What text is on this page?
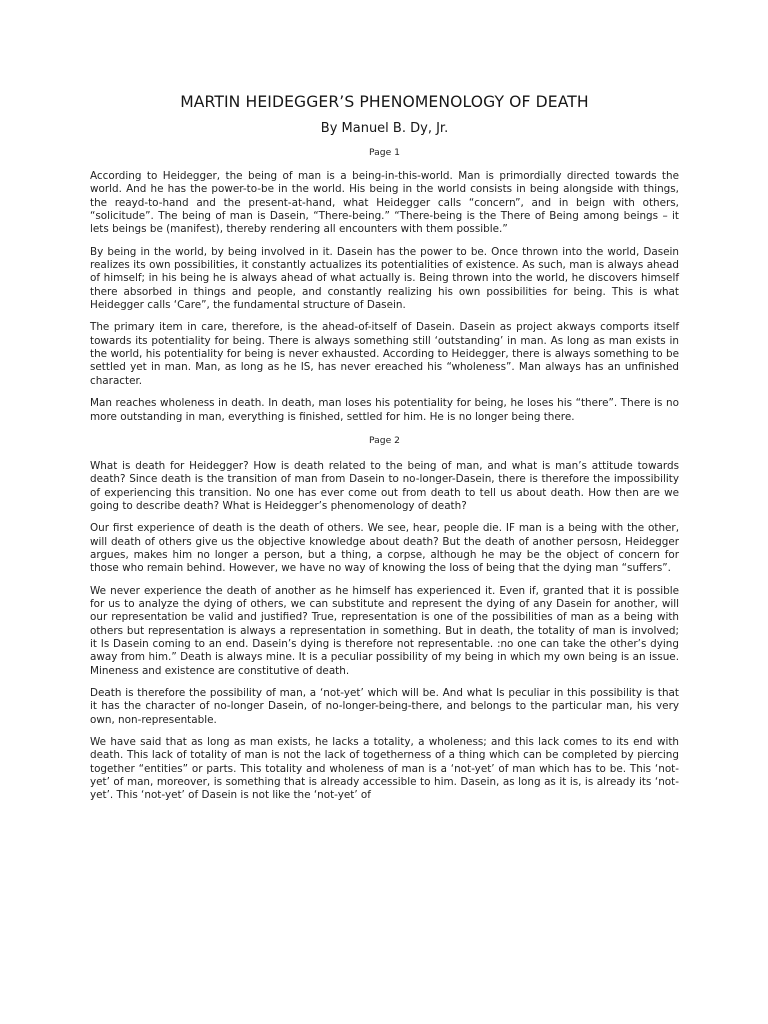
MARTIN HEIDEGGER’S PHENOMENOLOGY OF DEATH
By Manuel B. Dy, Jr.
Page 1

According to Heidegger, the being of man is a being-in-this-world. Man is primordially directed towards the world. And he has the power-to-be in the world. His being in the world consists in being alongside with things, the reayd-to-hand and the present-at-hand, what Heidegger calls “concern”, and in beign with others, “solicitude”. The being of man is Dasein, “There-being.” “There-being is the There of Being among beings – it lets beings be (manifest), thereby rendering all encounters with them possible.”

By being in the world, by being involved in it. Dasein has the power to be. Once thrown into the world, Dasein realizes its own possibilities, it constantly actualizes its potentialities of existence. As such, man is always ahead of himself; in his being he is always ahead of what actually is. Being thrown into the world, he discovers himself there absorbed in things and people, and constantly realizing his own possibilities for being. This is what Heidegger calls ‘Care”, the fundamental structure of Dasein.

The primary item in care, therefore, is the ahead-of-itself of Dasein. Dasein as project akways comports itself towards its potentiality for being. There is always something still ‘outstanding’ in man. As long as man exists in the world, his potentiality for being is never exhausted. According to Heidegger, there is always something to be settled yet in man. Man, as long as he IS, has never ereached his “wholeness”. Man always has an unfinished character.

Man reaches wholeness in death. In death, man loses his potentiality for being, he loses his “there”. There is no more outstanding in man, everything is finished, settled for him. He is no longer being there.

Page 2

What is death for Heidegger? How is death related to the being of man, and what is man’s attitude towards death? Since death is the transition of man from Dasein to no-longer-Dasein, there is therefore the impossibility of experiencing this transition. No one has ever come out from death to tell us about death. How then are we going to describe death? What is Heidegger’s phenomenology of death?

Our first experience of death is the death of others. We see, hear, people die. IF man is a being with the other, will death of others give us the objective knowledge about death? But the death of another persosn, Heidegger argues, makes him no longer a person, but a thing, a corpse, although he may be the object of concern for those who remain behind. However, we have no way of knowing the loss of being that the dying man “suffers”.

We never experience the death of another as he himself has experienced it. Even if, granted that it is possible for us to analyze the dying of others, we can substitute and represent the dying of any Dasein for another, will our representation be valid and justified? True, representation is one of the possibilities of man as a being with others but representation is always a representation in something. But in death, the totality of man is involved; it Is Dasein coming to an end. Dasein’s dying is therefore not representable. :no one can take the other’s dying away from him.” Death is always mine. It is a peculiar possibility of my being in which my own being is an issue. Mineness and existence are constitutive of death.

Death is therefore the possibility of man, a ‘not-yet’ which will be. And what Is peculiar in this possibility is that it has the character of no-longer Dasein, of no-longer-being-there, and belongs to the particular man, his very own, non-representable.

We have said that as long as man exists, he lacks a totality, a wholeness; and this lack comes to its end with death. This lack of totality of man is not the lack of togetherness of a thing which can be completed by piercing together “entities” or parts. This totality and wholeness of man is a ‘not-yet’ of man which has to be. This ‘not-yet’ of man, moreover, is something that is already accessible to him. Dasein, as long as it is, is already its ‘not-yet’. This ‘not-yet’ of Dasein is not like the ‘not-yet’ of
